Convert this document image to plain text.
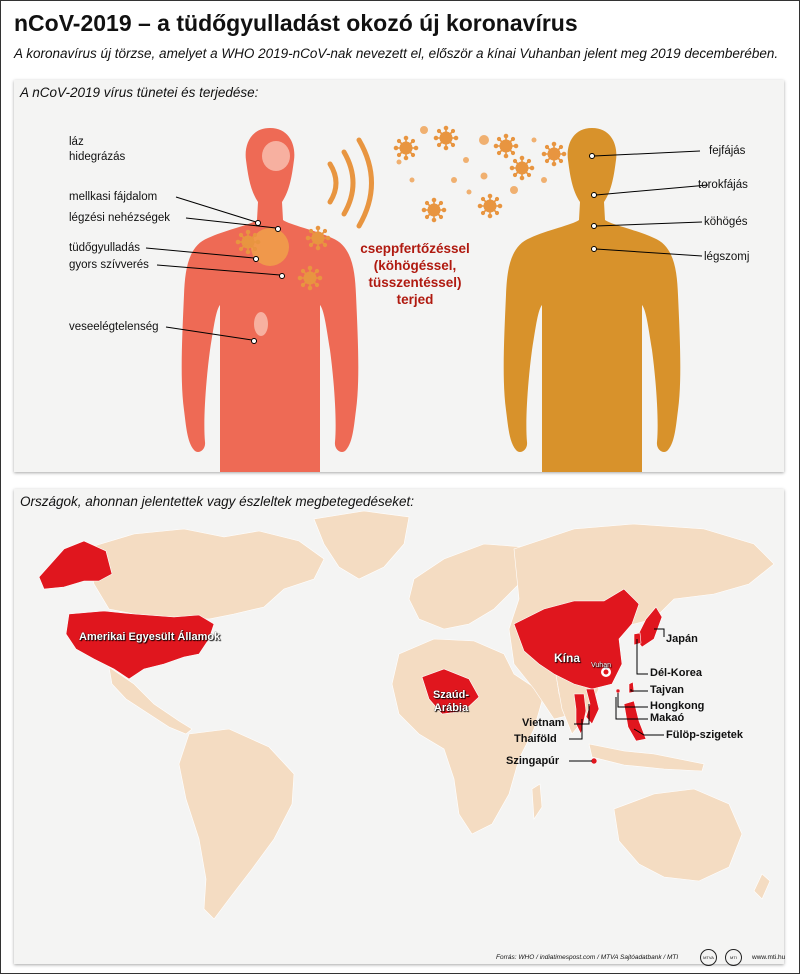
nCoV-2019 – a tüdőgyulladást okozó új koronavírus
A koronavírus új törzse, amelyet a WHO 2019-nCoV-nak nevezett el, először a kínai Vuhanban jelent meg 2019 decemberében.
A nCoV-2019 vírus tünetei és terjedése:
láz
hidegrázás
mellkasi fájdalom
légzési nehézségek
tüdőgyulladás
gyors szívverés
veseelégtelenség
fejfájás
torokfájás
köhögés
légszomj
cseppfertőzéssel
(köhögéssel,
tüsszentéssel)
terjed
Országok, ahonnan jelentettek vagy észleltek megbetegedéseket:
Amerikai Egyesült Államok
Szaúd-Arábia
Kína
Vuhan
Japán
Dél-Korea
Tajvan
Hongkong
Makaó
Vietnam
Thaiföld	Fülöp-szigetek
Szingapúr
Forrás: WHO / indiatimespost.com / MTVA Sajtóadatbank / MTI	MTVA	MTI	www.mti.hu
